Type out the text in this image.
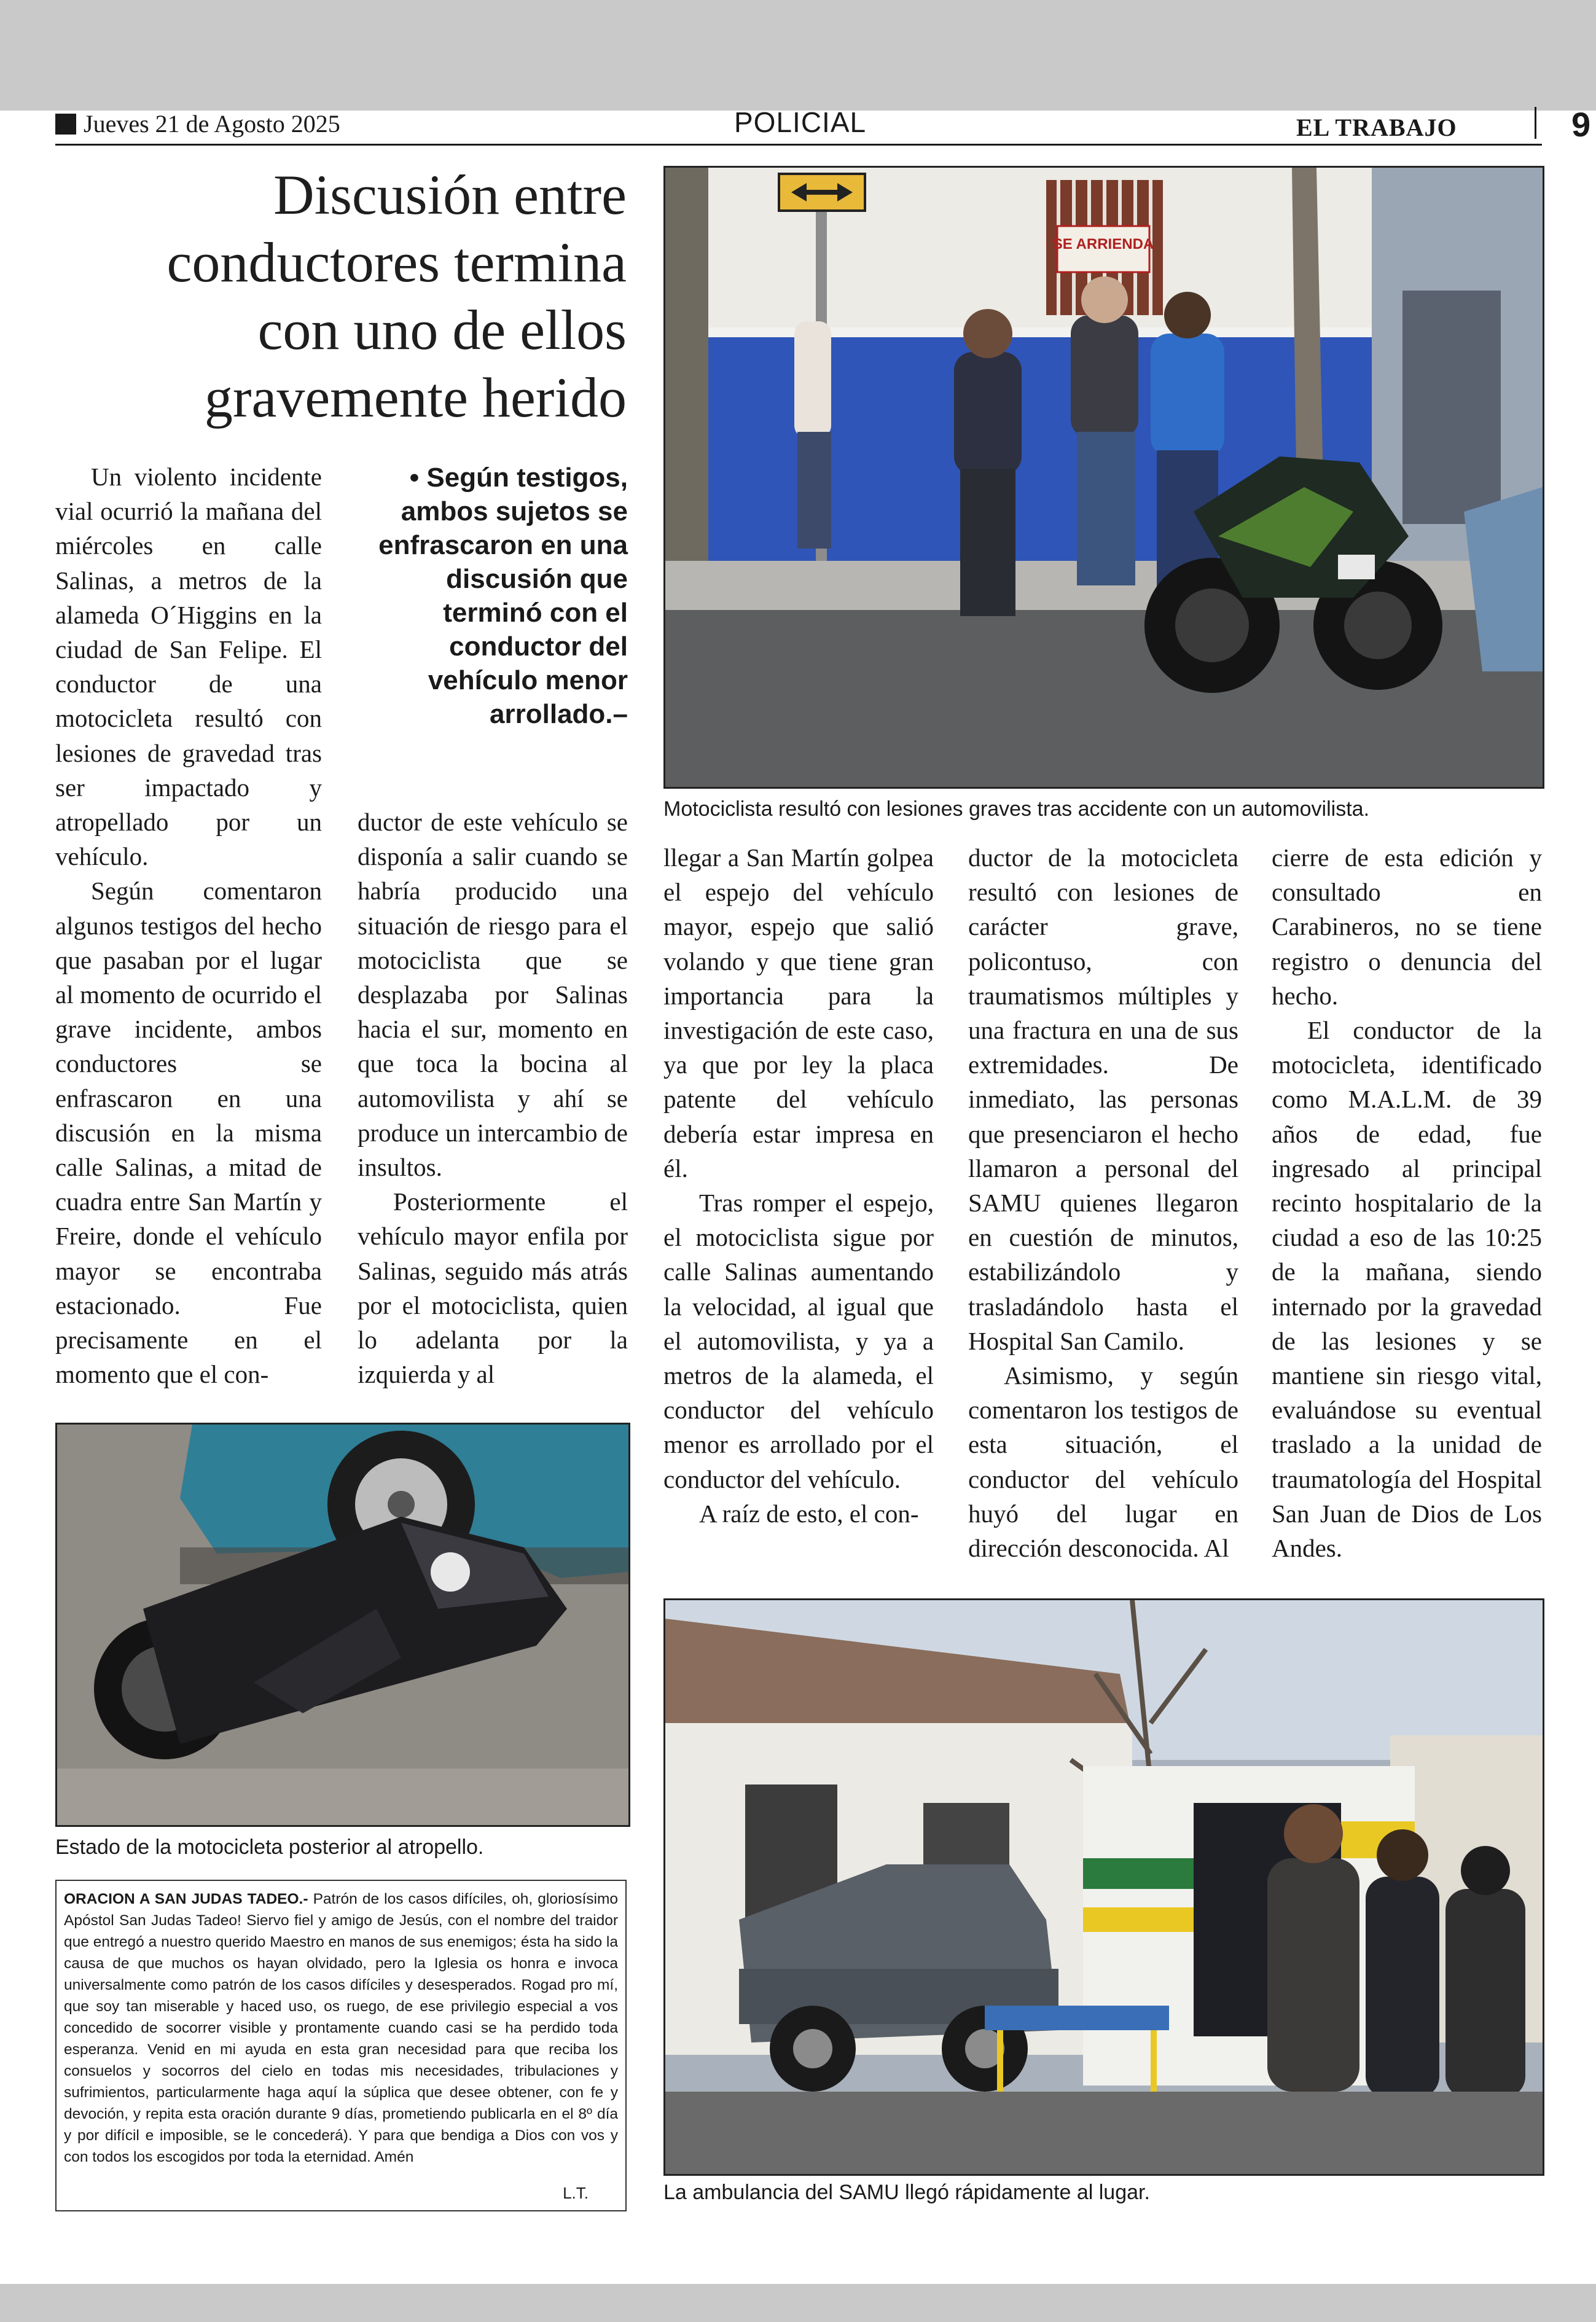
Jueves 21 de Agosto 2025	POLICIAL	EL TRABAJO	9
Discusión entre conductores termina con uno de ellos gravemente herido

Un violento incidente vial ocurrió la mañana del miércoles en calle Salinas, a metros de la alameda O´Higgins en la ciudad de San Felipe. El conductor de una motocicleta resultó con lesiones de gravedad tras ser impactado y atropellado por un vehículo.

Según comentaron algunos testigos del hecho que pasaban por el lugar al momento de ocurrido el grave incidente, ambos conductores se enfrascaron en una discusión en la misma calle Salinas, a mitad de cuadra entre San Martín y Freire, donde el vehículo mayor se encontraba estacionado. Fue precisamente en el momento que el con-

• Según testigos, ambos sujetos se enfrascaron en una discusión que terminó con el conductor del vehículo menor arrollado.–

ductor de este vehículo se disponía a salir cuando se habría producido una situación de riesgo para el motociclista que se desplazaba por Salinas hacia el sur, momento en que toca la bocina al automovilista y ahí se produce un intercambio de insultos.

Posteriormente el vehículo mayor enfila por Salinas, seguido más atrás por el motociclista, quien lo adelanta por la izquierda y al

llegar a San Martín golpea el espejo del vehículo mayor, espejo que salió volando y que tiene gran importancia para la investigación de este caso, ya que por ley la placa patente del vehículo debería estar impresa en él.

Tras romper el espejo, el motociclista sigue por calle Salinas aumentando la velocidad, al igual que el automovilista, y ya a metros de la alameda, el conductor del vehículo menor es arrollado por el conductor del vehículo.

A raíz de esto, el con-

ductor de la motocicleta resultó con lesiones de carácter grave, policontuso, con traumatismos múltiples y una fractura en una de sus extremidades. De inmediato, las personas que presenciaron el hecho llamaron a personal del SAMU quienes llegaron en cuestión de minutos, estabilizándolo y trasladándolo hasta el Hospital San Camilo.

Asimismo, y según comentaron los testigos de esta situación, el conductor del vehículo huyó del lugar en dirección desconocida. Al

cierre de esta edición y consultado en Carabineros, no se tiene registro o denuncia del hecho.

El conductor de la motocicleta, identificado como M.A.L.M. de 39 años de edad, fue ingresado al principal recinto hospitalario de la ciudad a eso de las 10:25 de la mañana, siendo internado por la gravedad de las lesiones y se mantiene sin riesgo vital, evaluándose su eventual traslado a la unidad de traumatología del Hospital San Juan de Dios de Los Andes.

SE ARRIENDA
Motociclista resultó con lesiones graves tras accidente con un automovilista.
Estado de la motocicleta posterior al atropello.
La ambulancia del SAMU llegó rápidamente al lugar.
ORACION A SAN JUDAS TADEO.- Patrón de los casos difíciles, oh, gloriosísimo Apóstol San Judas Tadeo! Siervo fiel y amigo de Jesús, con el nombre del traidor que entregó a nuestro querido Maestro en manos de sus enemigos; ésta ha sido la causa de que muchos os hayan olvidado, pero la Iglesia os honra e invoca universalmente como patrón de los casos difíciles y desesperados. Rogad pro mí, que soy tan miserable y haced uso, os ruego, de ese privilegio especial a vos concedido de socorrer visible y prontamente cuando casi se ha perdido toda esperanza. Venid en mi ayuda en esta gran necesidad para que reciba los consuelos y socorros del cielo en todas mis necesidades, tribulaciones y sufrimientos, particularmente haga aquí la súplica que desee obtener, con fe y devoción, y repita esta oración durante 9 días, prometiendo publicarla en el 8º día y por difícil e imposible, se le concederá). Y para que bendiga a Dios con vos y con todos los escogidos por toda la eternidad. Amén
L.T.
